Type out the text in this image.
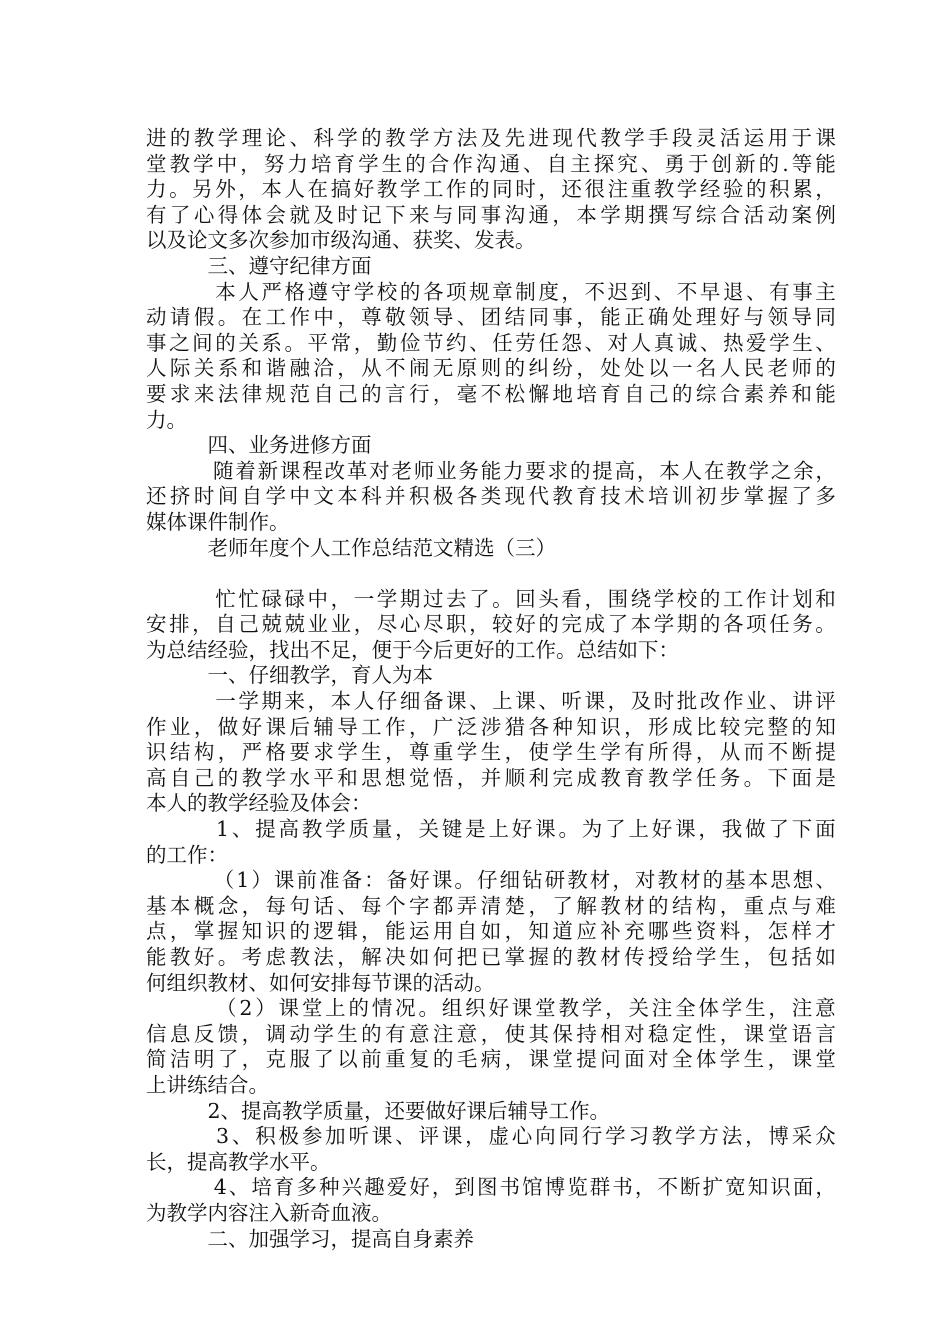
进 的 教 学 理 论 、 科 学 的 教 学 方 法 及 先 进 现 代 教 学 手 段 灵 活 运 用 于 课
堂 教 学 中 ， 努 力 培 育 学 生 的 合 作 沟 通 、 自 主 探 究 、 勇 于 创 新 的 . 等 能
力 。 另 外 ， 本 人 在 搞 好 教 学 工 作 的 同 时 ， 还 很 注 重 教 学 经 验 的 积 累 ，
有 了 心 得 体 会 就 及 时 记 下 来 与 同 事 沟 通 ， 本 学 期 撰 写 综 合 活 动 案 例
以及论文多次参加市级沟通、获奖、发表。
　　　三、遵守纪律方面

本 人 严 格 遵 守 学 校 的 各 项 规 章 制 度 ， 不 迟 到 、 不 早 退 、 有 事 主
动 请 假 。 在 工 作 中 ， 尊 敬 领 导 、 团 结 同 事 ， 能 正 确 处 理 好 与 领 导 同
事 之 间 的 关 系 。 平 常 ， 勤 俭 节 约 、 任 劳 任 怨 、 对 人 真 诚 、 热 爱 学 生 、
人 际 关 系 和 谐 融 洽 ， 从 不 闹 无 原 则 的 纠 纷 ， 处 处 以 一 名 人 民 老 师 的
要 求 来 法 律 规 范 自 己 的 言 行 ， 毫 不 松 懈 地 培 育 自 己 的 综 合 素 养 和 能
力。
　　　四、业务进修方面

随 着 新 课 程 改 革 对 老 师 业 务 能 力 要 求 的 提 高 ， 本 人 在 教 学 之 余 ，
还 挤 时 间 自 学 中 文 本 科 并 积 极 各 类 现 代 教 育 技 术 培 训 初 步 掌 握 了 多
媒体课件制作。
　　　老师年度个人工作总结范文精选（三）

忙 忙 碌 碌 中 ， 一 学 期 过 去 了 。 回 头 看 ， 围 绕 学 校 的 工 作 计 划 和
安 排 ， 自 己 兢 兢 业 业 ， 尽 心 尽 职 ， 较 好 的 完 成 了 本 学 期 的 各 项 任 务 。
为总结经验，找出不足，便于今后更好的工作。总结如下：
　　　一、仔细教学，育人为本

一 学 期 来 ， 本 人 仔 细 备 课 、 上 课 、 听 课 ， 及 时 批 改 作 业 、 讲 评
作 业 ， 做 好 课 后 辅 导 工 作 ， 广 泛 涉 猎 各 种 知 识 ， 形 成 比 较 完 整 的 知
识 结 构 ， 严 格 要 求 学 生 ， 尊 重 学 生 ， 使 学 生 学 有 所 得 ， 从 而 不 断 提
高 自 己 的 教 学 水 平 和 思 想 觉 悟 ， 并 顺 利 完 成 教 育 教 学 任 务 。 下 面 是
本人的教学经验及体会：

1 、 提 高 教 学 质 量 ， 关 键 是 上 好 课 。 为 了 上 好 课 ， 我 做 了 下 面
的工作：

（ 1 ） 课 前 准 备 ： 备 好 课 。 仔 细 钻 研 教 材 ， 对 教 材 的 基 本 思 想 、
基 本 概 念 ， 每 句 话 、 每 个 字 都 弄 清 楚 ， 了 解 教 材 的 结 构 ， 重 点 与 难
点 ， 掌 握 知 识 的 逻 辑 ， 能 运 用 自 如 ， 知 道 应 补 充 哪 些 资 料 ， 怎 样 才
能 教 好 。 考 虑 教 法 ， 解 决 如 何 把 已 掌 握 的 教 材 传 授 给 学 生 ， 包 括 如
何组织教材、如何安排每节课的活动。

（ 2 ） 课 堂 上 的 情 况 。 组 织 好 课 堂 教 学 ， 关 注 全 体 学 生 ， 注 意
信 息 反 馈 ， 调 动 学 生 的 有 意 注 意 ， 使 其 保 持 相 对 稳 定 性 ， 课 堂 语 言
简 洁 明 了 ， 克 服 了 以 前 重 复 的 毛 病 ， 课 堂 提 问 面 对 全 体 学 生 ， 课 堂
上讲练结合。
　　　2、提高教学质量，还要做好课后辅导工作。

3 、 积 极 参 加 听 课 、 评 课 ， 虚 心 向 同 行 学 习 教 学 方 法 ， 博 采 众
长，提高教学水平。

4 、 培 育 多 种 兴 趣 爱 好 ， 到 图 书 馆 博 览 群 书 ， 不 断 扩 宽 知 识 面 ，
为教学内容注入新奇血液。
　　　二、加强学习，提高自身素养
